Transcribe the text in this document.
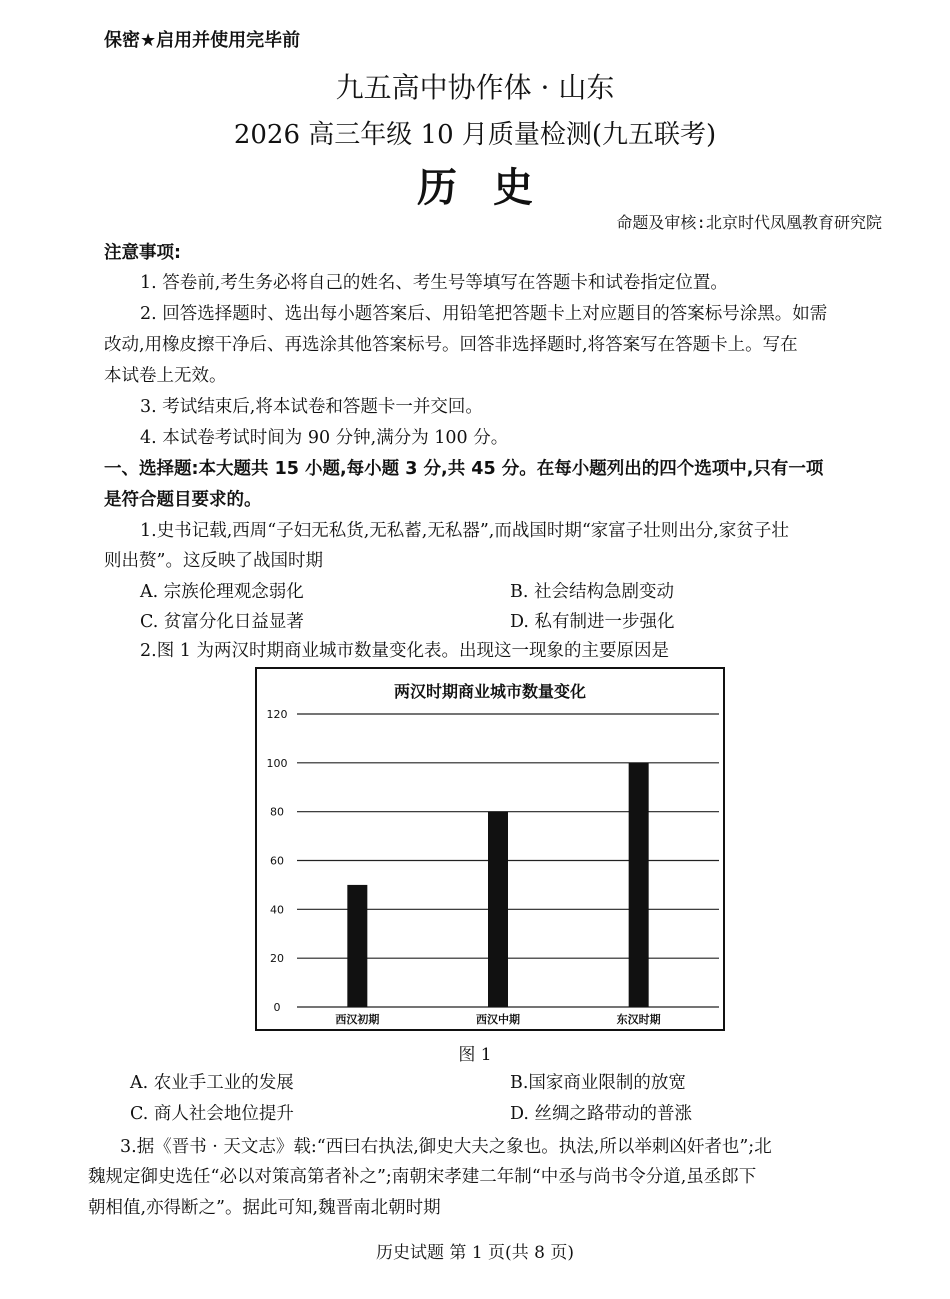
保密★启用并使用完毕前
九五高中协作体 · 山东
2026 高三年级 10 月质量检测(九五联考)
历史
命题及审核:北京时代凤凰教育研究院
注意事项:
1. 答卷前,考生务必将自己的姓名、考生号等填写在答题卡和试卷指定位置。
2. 回答选择题时、选出每小题答案后、用铅笔把答题卡上对应题目的答案标号涂黑。如需
改动,用橡皮擦干净后、再选涂其他答案标号。回答非选择题时,将答案写在答题卡上。写在
本试卷上无效。
3. 考试结束后,将本试卷和答题卡一并交回。
4. 本试卷考试时间为 90 分钟,满分为 100 分。
一、选择题:本大题共 15 小题,每小题 3 分,共 45 分。在每小题列出的四个选项中,只有一项
是符合题目要求的。
1.史书记载,西周“子妇无私货,无私蓄,无私器”,而战国时期“家富子壮则出分,家贫子壮
则出赘”。这反映了战国时期
A. 宗族伦理观念弱化	B. 社会结构急剧变动
C. 贫富分化日益显著	D. 私有制进一步强化
2.图 1 为两汉时期商业城市数量变化表。出现这一现象的主要原因是
两汉时期商业城市数量变化
0
20
40
60
80
100
120
西汉初期	西汉中期	东汉时期
图 1
A. 农业手工业的发展	B.国家商业限制的放宽
C. 商人社会地位提升	D. 丝绸之路带动的普涨
3.据《晋书 · 天文志》载:“西曰右执法,御史大夫之象也。执法,所以举刺凶奸者也”;北
魏规定御史选任“必以对策高第者补之”;南朝宋孝建二年制“中丞与尚书令分道,虽丞郎下
朝相值,亦得断之”。据此可知,魏晋南北朝时期
历史试题 第 1 页(共 8 页)
